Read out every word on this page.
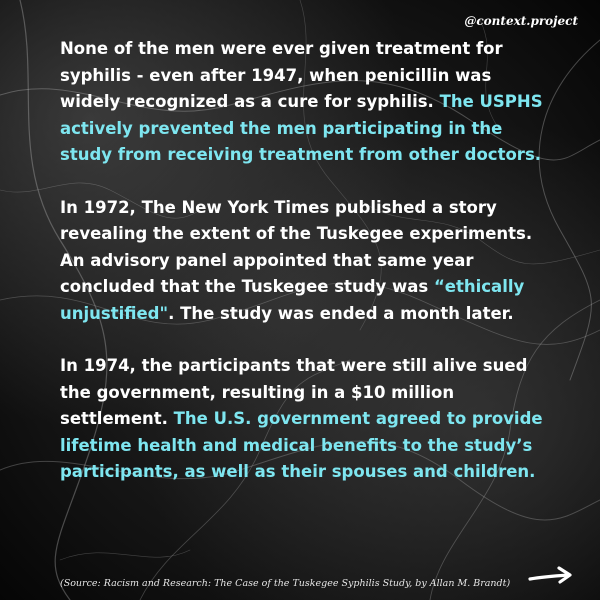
@context.project

None of the men were ever given treatment for syphilis - even after 1947, when penicillin was widely recognized as a cure for syphilis. The USPHS actively prevented the men participating in the study from receiving treatment from other doctors.

In 1972, The New York Times published a story revealing the extent of the Tuskegee experiments. An advisory panel appointed that same year concluded that the Tuskegee study was “ethically unjustified". The study was ended a month later.

In 1974, the participants that were still alive sued the government, resulting in a $10 million settlement. The U.S. government agreed to provide lifetime health and medical benefits to the study’s participants, as well as their spouses and children.

(Source: Racism and Research: The Case of the Tuskegee Syphilis Study, by Allan M. Brandt)
